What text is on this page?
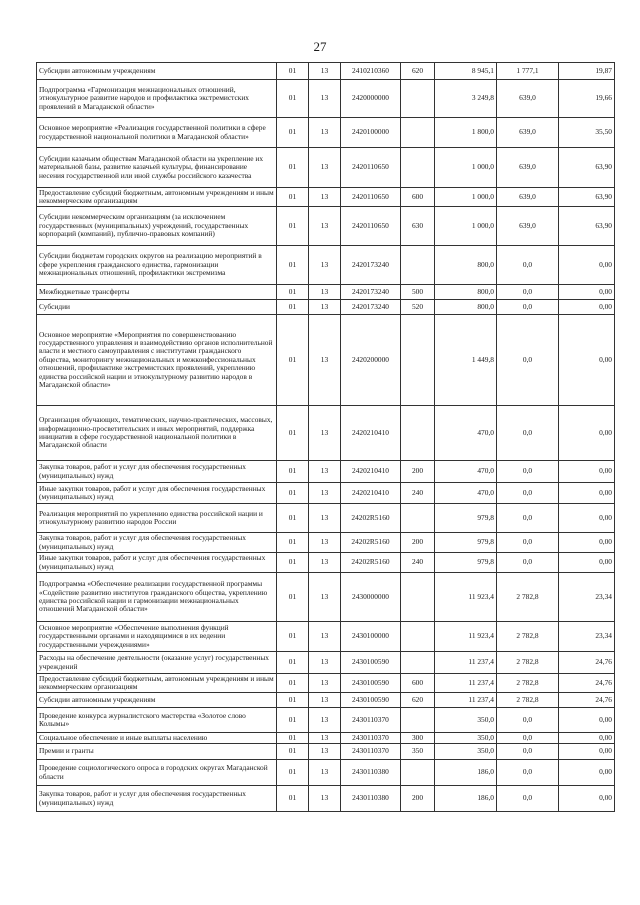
27
Субсидии автономным учреждениям	01	13	2410210360	620	8 945,1	1 777,1	19,87
Подпрограмма «Гармонизация межнациональных отношений, этнокультурное развитие народов и профилактика экстремистских проявлений в Магаданской области»	01	13	2420000000		3 249,8	639,0	19,66
Основное мероприятие «Реализация государственной политики в сфере государственной национальной политики в Магаданской области»	01	13	2420100000		1 800,0	639,0	35,50
Субсидии казачьим обществам Магаданской области на укрепление их материальной базы, развитие казачьей культуры, финансирование несения государственной или иной службы российского казачества	01	13	2420110650		1 000,0	639,0	63,90
Предоставление субсидий бюджетным, автономным учреждениям и иным некоммерческим организациям	01	13	2420110650	600	1 000,0	639,0	63,90
Субсидии некоммерческим организациям (за исключением государственных (муниципальных) учреждений, государственных корпораций (компаний), публично-правовых компаний)	01	13	2420110650	630	1 000,0	639,0	63,90
Субсидии бюджетам городских округов на реализацию мероприятий в сфере укрепления гражданского единства, гармонизации межнациональных отношений, профилактики экстремизма	01	13	2420173240		800,0	0,0	0,00
Межбюджетные трансферты	01	13	2420173240	500	800,0	0,0	0,00
Субсидии	01	13	2420173240	520	800,0	0,0	0,00
Основное мероприятие «Мероприятия по совершенствованию государственного управления и взаимодействию органов исполнительной власти и местного самоуправления с институтами гражданского общества, мониторингу межнациональных и межконфессиональных отношений, профилактике экстремистских проявлений, укреплению единства российской нации и этнокультурному развитию народов в Магаданской области»	01	13	2420200000		1 449,8	0,0	0,00
Организация обучающих, тематических, научно-практических, массовых, информационно-просветительских и иных мероприятий, поддержка инициатив в сфере государственной национальной политики в Магаданской области	01	13	2420210410		470,0	0,0	0,00
Закупка товаров, работ и услуг для обеспечения государственных (муниципальных) нужд	01	13	2420210410	200	470,0	0,0	0,00
Иные закупки товаров, работ и услуг для обеспечения государственных (муниципальных) нужд	01	13	2420210410	240	470,0	0,0	0,00
Реализация мероприятий по укреплению единства российской нации и этнокультурному развитию народов России	01	13	24202R5160		979,8	0,0	0,00
Закупка товаров, работ и услуг для обеспечения государственных (муниципальных) нужд	01	13	24202R5160	200	979,8	0,0	0,00
Иные закупки товаров, работ и услуг для обеспечения государственных (муниципальных) нужд	01	13	24202R5160	240	979,8	0,0	0,00
Подпрограмма «Обеспечение реализации государственной программы «Содействие развитию институтов гражданского общества, укреплению единства российской нации и гармонизации межнациональных отношений Магаданской области»	01	13	2430000000		11 923,4	2 782,8	23,34
Основное мероприятие «Обеспечение выполнения функций государственными органами и находящимися в их ведении государственными учреждениями»	01	13	2430100000		11 923,4	2 782,8	23,34
Расходы на обеспечение деятельности (оказание услуг) государственных учреждений	01	13	2430100590		11 237,4	2 782,8	24,76
Предоставление субсидий бюджетным, автономным учреждениям и иным некоммерческим организациям	01	13	2430100590	600	11 237,4	2 782,8	24,76
Субсидии автономным учреждениям	01	13	2430100590	620	11 237,4	2 782,8	24,76
Проведение конкурса журналистского мастерства «Золотое слово Колымы»	01	13	2430110370		350,0	0,0	0,00
Социальное обеспечение и иные выплаты населению	01	13	2430110370	300	350,0	0,0	0,00
Премии и гранты	01	13	2430110370	350	350,0	0,0	0,00
Проведение социологического опроса в городских округах Магаданской области	01	13	2430110380		186,0	0,0	0,00
Закупка товаров, работ и услуг для обеспечения государственных (муниципальных) нужд	01	13	2430110380	200	186,0	0,0	0,00
